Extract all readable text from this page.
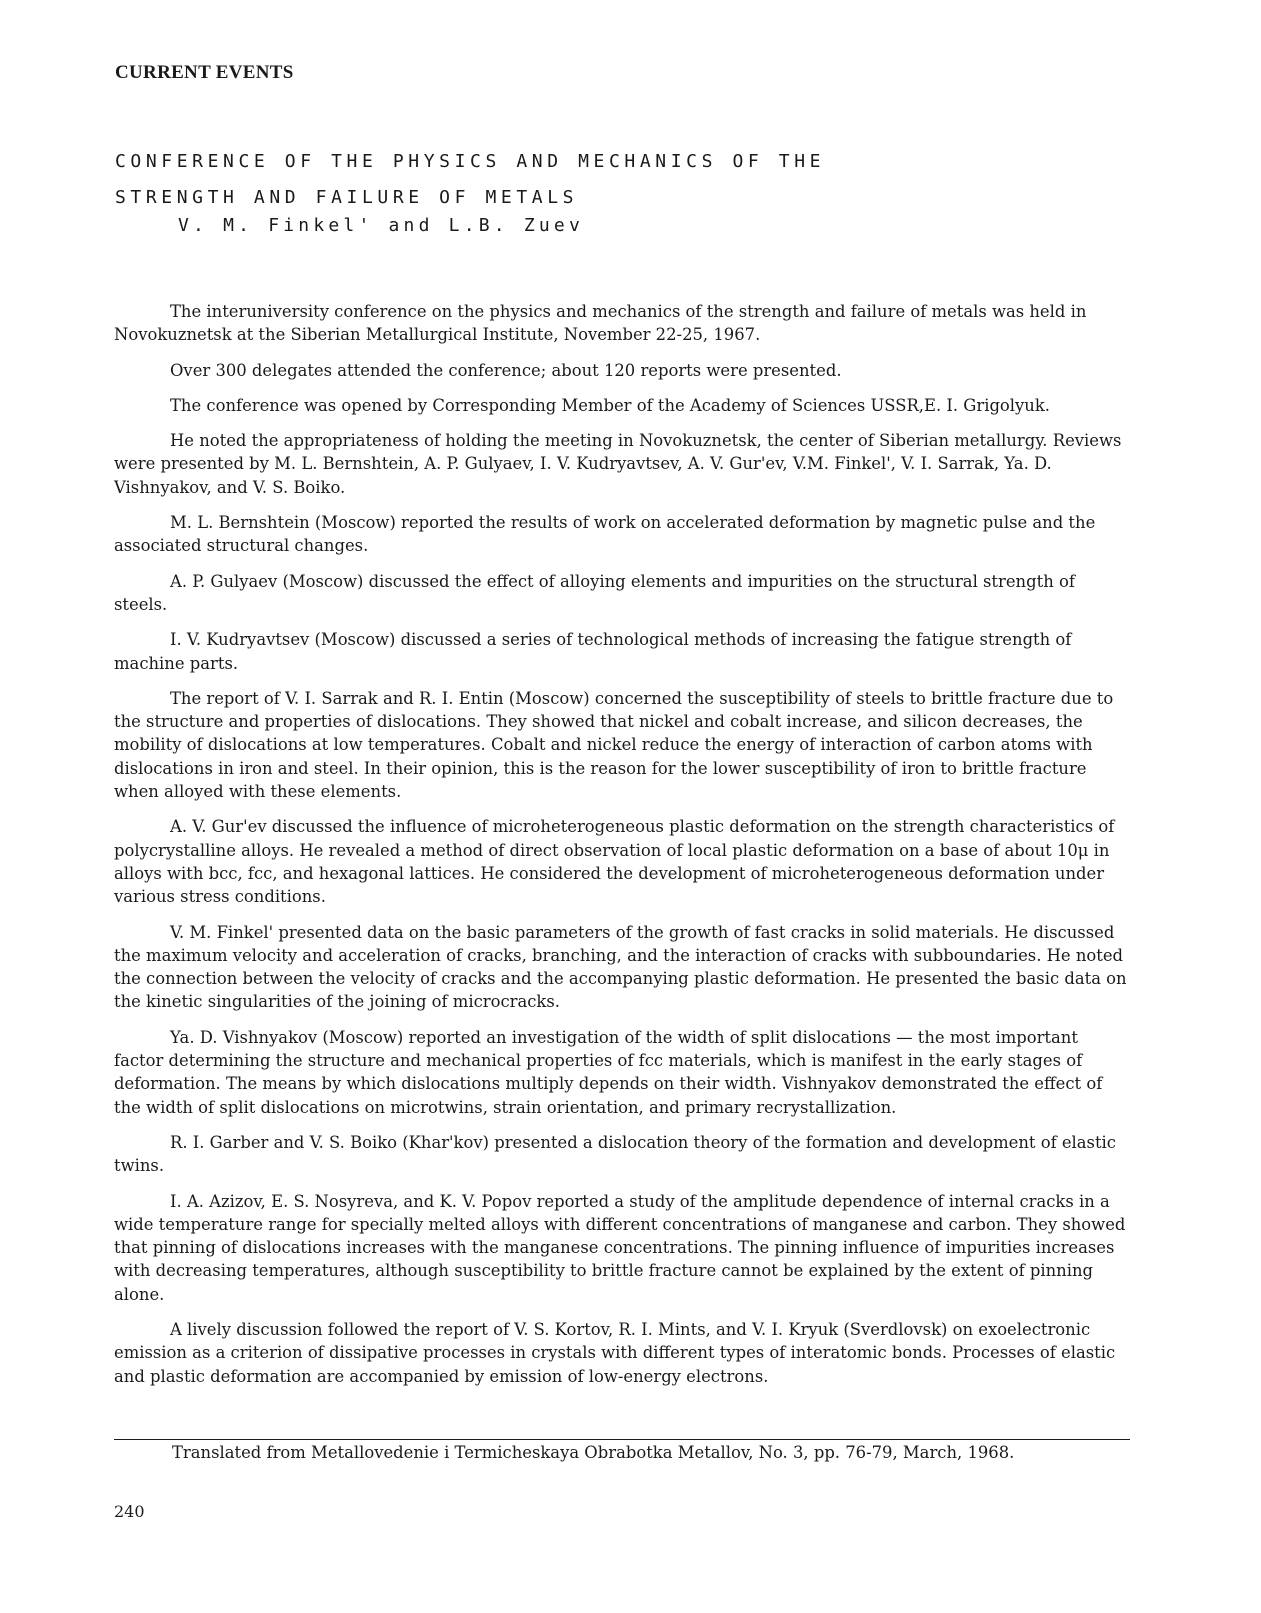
CURRENT EVENTS
CONFERENCE OF THE PHYSICS AND MECHANICS OF THE
STRENGTH AND FAILURE OF METALS
V. M. Finkel' and L.B. Zuev

The interuniversity conference on the physics and mechanics of the strength and failure of metals was held in Novokuznetsk at the Siberian Metallurgical Institute, November 22-25, 1967.

Over 300 delegates attended the conference; about 120 reports were presented.

The conference was opened by Corresponding Member of the Academy of Sciences USSR,E. I. Grigolyuk.

He noted the appropriateness of holding the meeting in Novokuznetsk, the center of Siberian metallurgy. Reviews were presented by M. L. Bernshtein, A. P. Gulyaev, I. V. Kudryavtsev, A. V. Gur'ev, V.M. Finkel', V. I. Sarrak, Ya. D. Vishnyakov, and V. S. Boiko.

M. L. Bernshtein (Moscow) reported the results of work on accelerated deformation by magnetic pulse and the associated structural changes.

A. P. Gulyaev (Moscow) discussed the effect of alloying elements and impurities on the structural strength of steels.

I. V. Kudryavtsev (Moscow) discussed a series of technological methods of increasing the fatigue strength of machine parts.

The report of V. I. Sarrak and R. I. Entin (Moscow) concerned the susceptibility of steels to brittle fracture due to the structure and properties of dislocations. They showed that nickel and cobalt increase, and silicon decreases, the mobility of dislocations at low temperatures. Cobalt and nickel reduce the energy of interaction of carbon atoms with dislocations in iron and steel. In their opinion, this is the reason for the lower susceptibility of iron to brittle fracture when alloyed with these elements.

A. V. Gur'ev discussed the influence of microheterogeneous plastic deformation on the strength characteristics of polycrystalline alloys. He revealed a method of direct observation of local plastic deformation on a base of about 10μ in alloys with bcc, fcc, and hexagonal lattices. He considered the development of microheterogeneous deformation under various stress conditions.

V. M. Finkel' presented data on the basic parameters of the growth of fast cracks in solid materials. He discussed the maximum velocity and acceleration of cracks, branching, and the interaction of cracks with subboundaries. He noted the connection between the velocity of cracks and the accompanying plastic deformation. He presented the basic data on the kinetic singularities of the joining of microcracks.

Ya. D. Vishnyakov (Moscow) reported an investigation of the width of split dislocations — the most important factor determining the structure and mechanical properties of fcc materials, which is manifest in the early stages of deformation. The means by which dislocations multiply depends on their width. Vishnyakov demonstrated the effect of the width of split dislocations on microtwins, strain orientation, and primary recrystallization.

R. I. Garber and V. S. Boiko (Khar'kov) presented a dislocation theory of the formation and development of elastic twins.

I. A. Azizov, E. S. Nosyreva, and K. V. Popov reported a study of the amplitude dependence of internal cracks in a wide temperature range for specially melted alloys with different concentrations of manganese and carbon. They showed that pinning of dislocations increases with the manganese concentrations. The pinning influence of impurities increases with decreasing temperatures, although susceptibility to brittle fracture cannot be explained by the extent of pinning alone.

A lively discussion followed the report of V. S. Kortov, R. I. Mints, and V. I. Kryuk (Sverdlovsk) on exoelectronic emission as a criterion of dissipative processes in crystals with different types of interatomic bonds. Processes of elastic and plastic deformation are accompanied by emission of low-energy electrons.

Translated from Metallovedenie i Termicheskaya Obrabotka Metallov, No. 3, pp. 76-79, March, 1968.
240
